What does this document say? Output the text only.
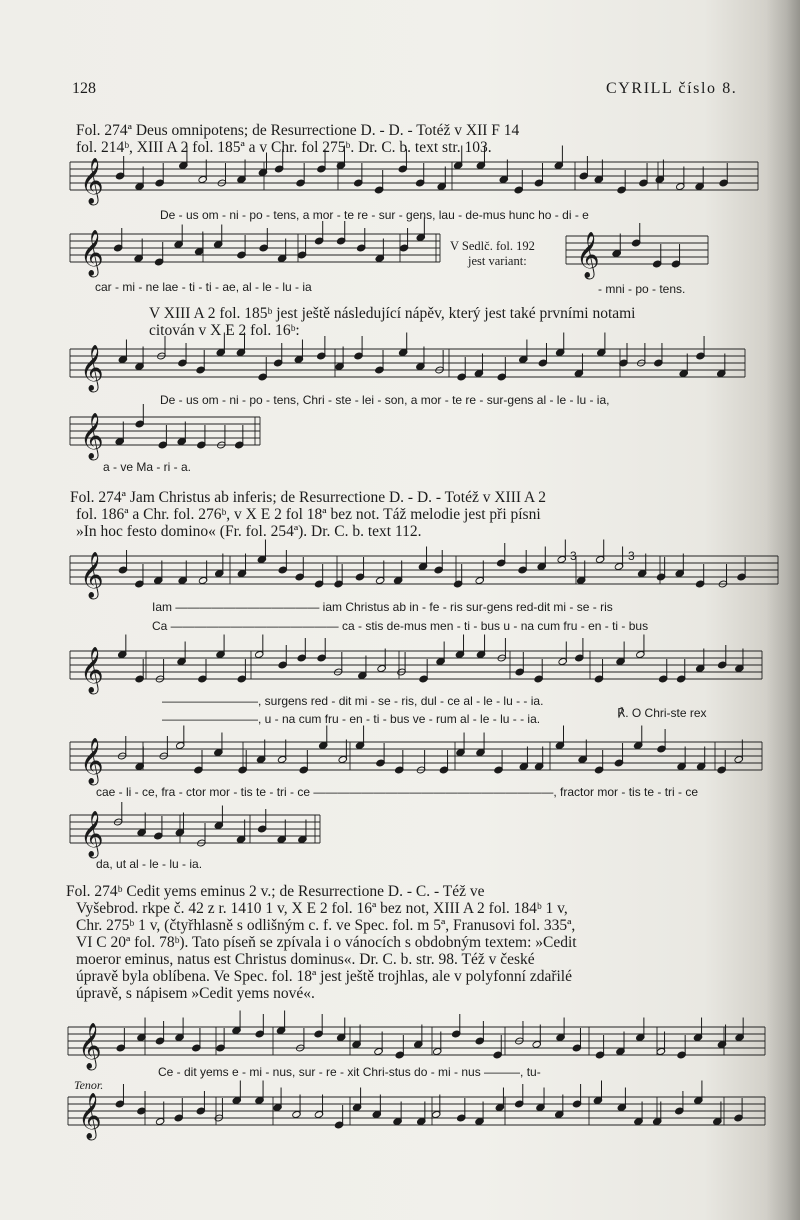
128	CYRILL číslo 8.
Fol. 274ª Deus omnipotens; de Resurrectione D. - D. - Totéž v XII F 14
fol. 214ᵇ, XIII A 2 fol. 185ª a v Chr. fol 275ᵇ. Dr. C. b. text str. 103.
𝄞
𝄞	𝄞
𝄞
𝄞
𝄞
𝄞
𝄞
𝄞
𝄞
𝄞
De - us om - ni - po - tens, a mor - te re - sur - gens, lau - de-mus hunc ho - di - e
car - mi - ne lae - ti - ti - ae, al - le - lu - ia
V Sedlč. fol. 192
jest variant:
- mni - po - tens.
V XIII A 2 fol. 185ᵇ jest ještě následující nápěv, který jest také prvními notami
citován v X E 2 fol. 16ᵇ:
De - us om - ni - po - tens, Chri - ste - lei - son, a mor - te re - sur-gens al - le - lu - ia,
a - ve Ma - ri - a.
Fol. 274ª Jam Christus ab inferis; de Resurrectione D. - D. - Totéž v XIII A 2
fol. 186ª a Chr. fol. 276ᵇ, v X E 2 fol 18ª bez not. Táž melodie jest při písni
»In hoc festo domino« (Fr. fol. 254ª). Dr. C. b. text 112.
3	3
Iam ———————————— iam Christus ab in - fe - ris sur-gens red-dit mi - se - ris
Ca —————————————— ca - stis de-mus men - ti - bus u - na cum fru - en - ti - bus
————————, surgens red - dit mi - se - ris, dul - ce al - le - lu - - ia.
————————, u - na cum fru - en - ti - bus ve - rum al - le - lu - - ia.	℟. O Chri-ste rex
cae - li - ce, fra - ctor mor - tis te - tri - ce ————————————————————, fractor mor - tis te - tri - ce
da, ut al - le - lu - ia.
Fol. 274ᵇ Cedit yems eminus 2 v.; de Resurrectione D. - C. - Též ve
Vyšebrod. rkpe č. 42 z r. 1410 1 v, X E 2 fol. 16ª bez not, XIII A 2 fol. 184ᵇ 1 v,
Chr. 275ᵇ 1 v, (čtyřhlasně s odlišným c. f. ve Spec. fol. m 5ª, Franusovi fol. 335ª,
VI C 20ª fol. 78ᵇ). Tato píseň se zpívala i o vánocích s obdobným textem: »Cedit
moeror eminus, natus est Christus dominus«. Dr. C. b. str. 98. Též v české
úpravě byla oblíbena. Ve Spec. fol. 18ª jest ještě trojhlas, ale v polyfonní zdařilé
úpravě, s nápisem »Cedit yems nové«.
Ce - dit yems e - mi - nus, sur - re - xit Chri-stus do - mi - nus ———, tu-
Tenor.
